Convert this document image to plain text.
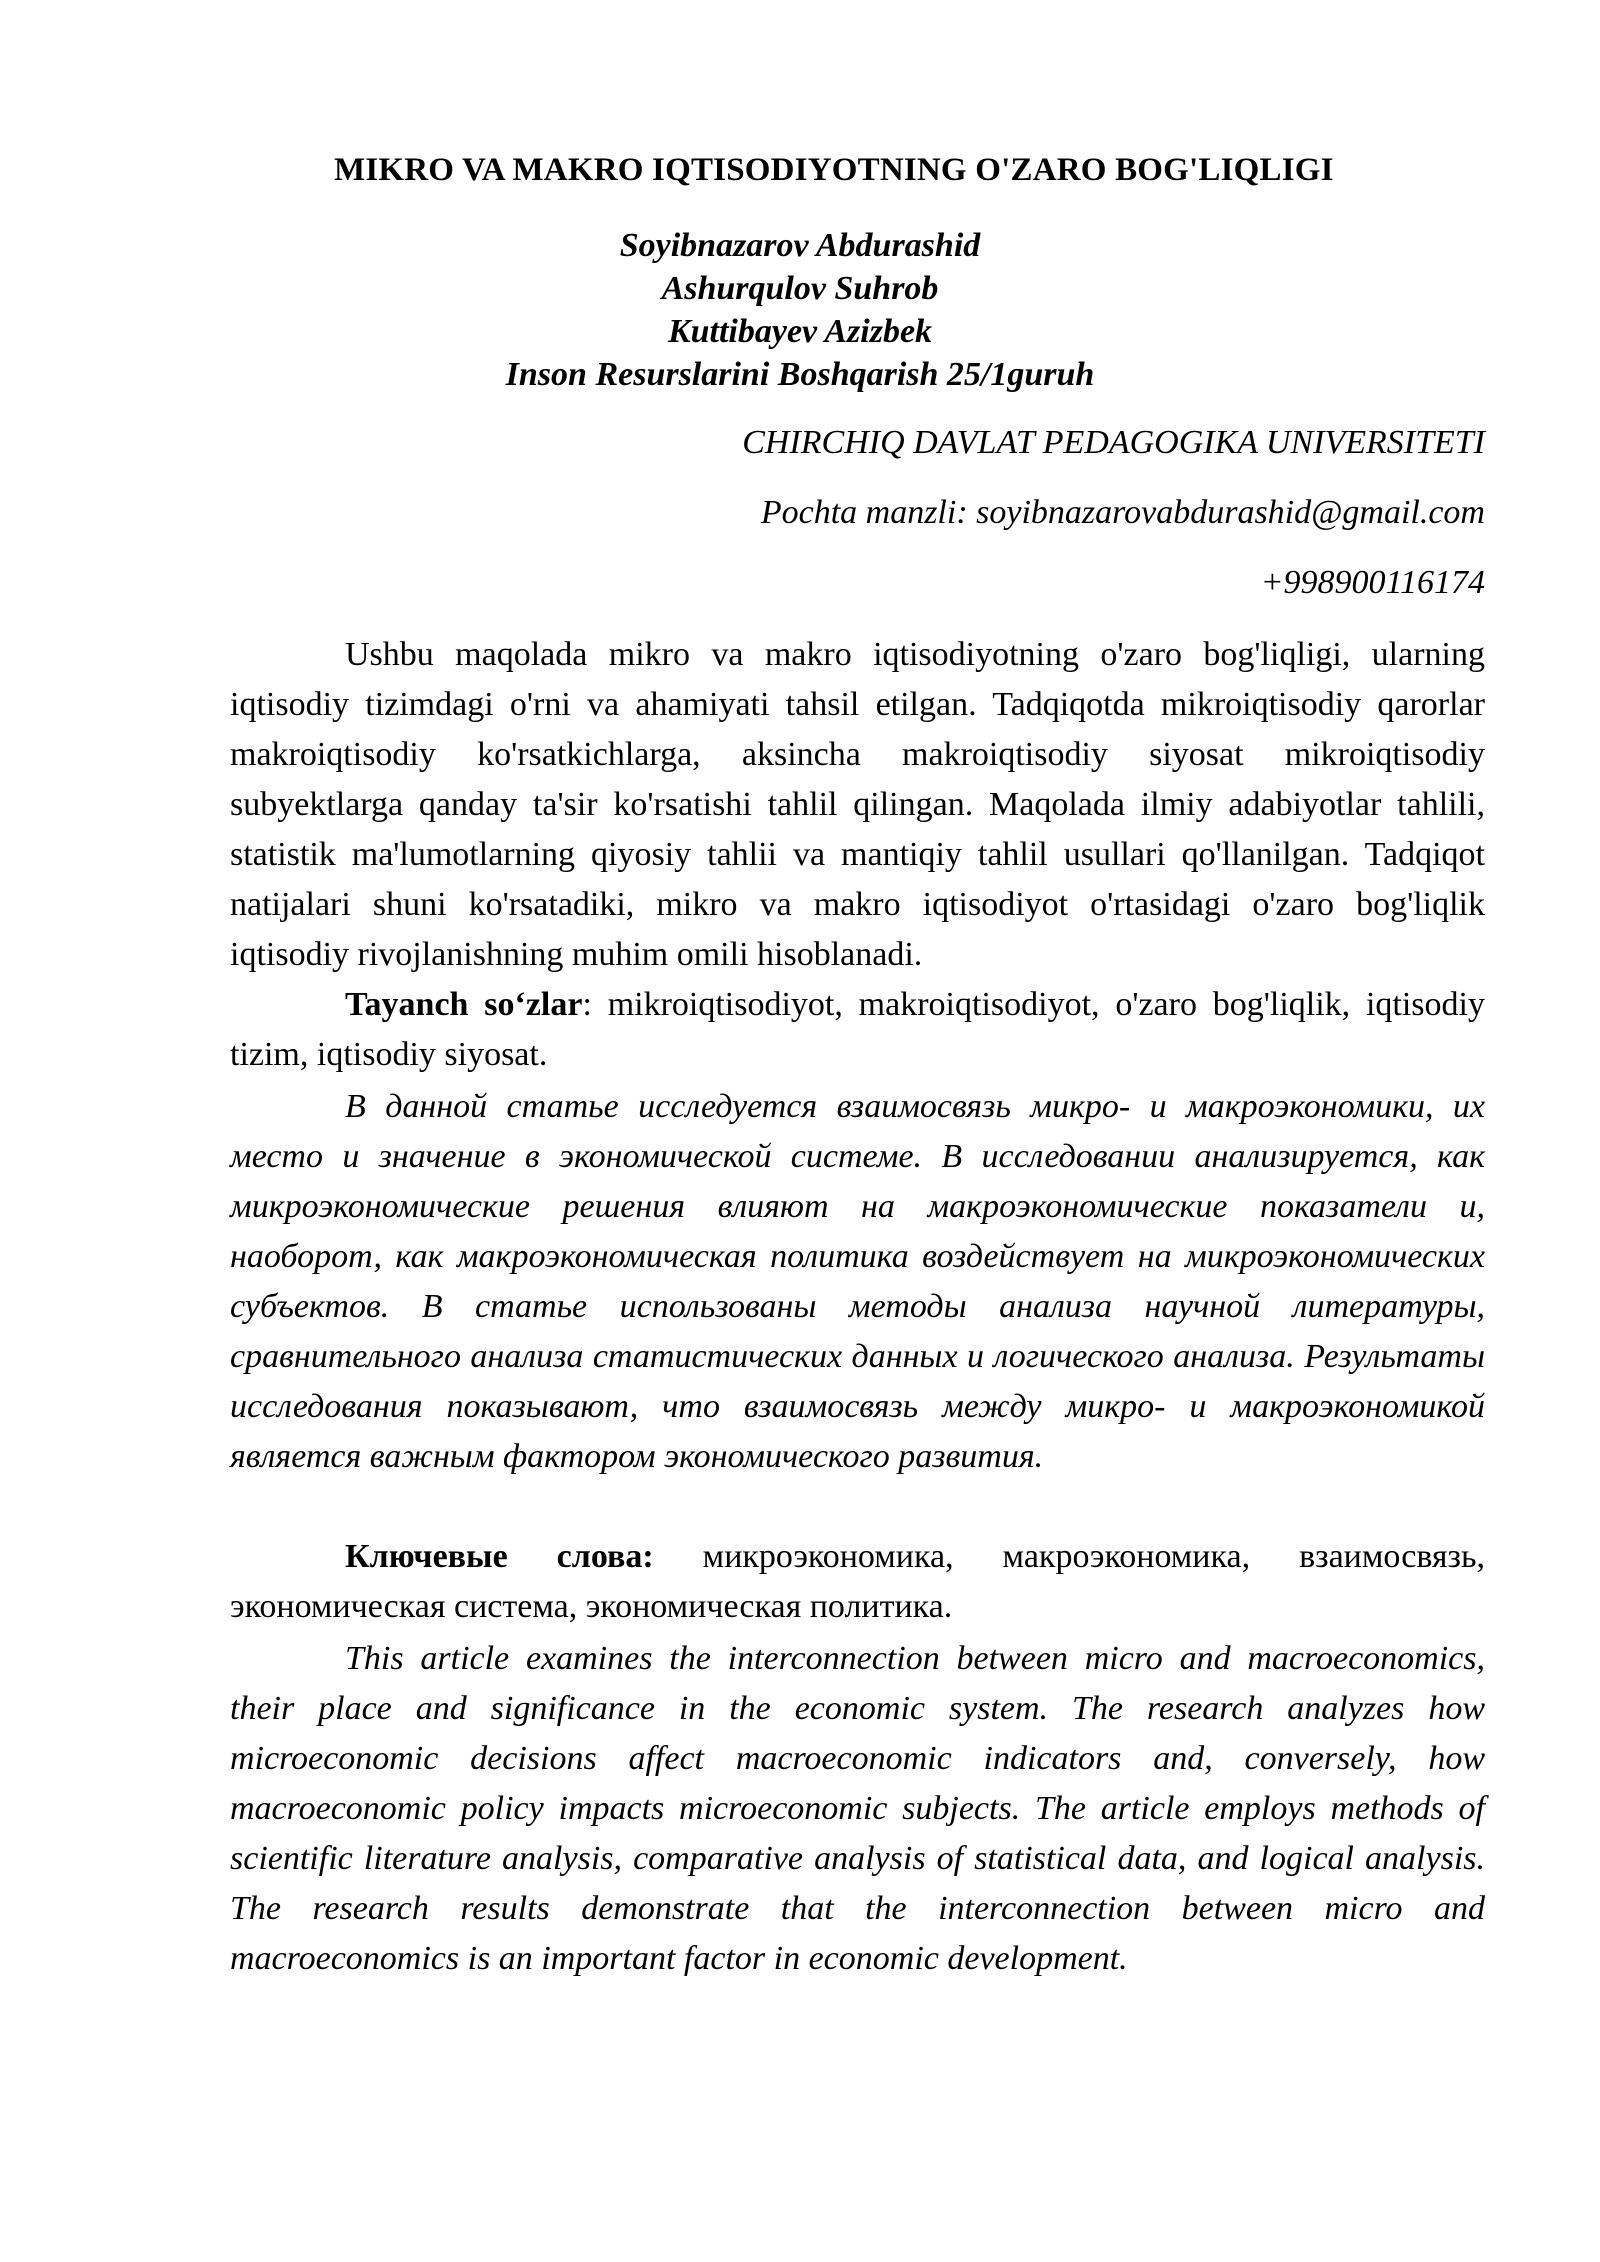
MIKRO VA MAKRO IQTISODIYOTNING O'ZARO BOG'LIQLIGI
Soyibnazarov Abdurashid
Ashurqulov Suhrob
Kuttibayev Azizbek
Inson Resurslarini Boshqarish 25/1guruh
CHIRCHIQ DAVLAT PEDAGOGIKA UNIVERSITETI
Pochta manzli: soyibnazarovabdurashid@gmail.com
+998900116174

Ushbu maqolada mikro va makro iqtisodiyotning o'zaro bog'liqligi, ularning iqtisodiy tizimdagi o'rni va ahamiyati tahsil etilgan. Tadqiqotda mikroiqtisodiy qarorlar makroiqtisodiy ko'rsatkichlarga, aksincha makroiqtisodiy siyosat mikroiqtisodiy subyektlarga qanday ta'sir ko'rsatishi tahlil qilingan. Maqolada ilmiy adabiyotlar tahlili, statistik ma'lumotlarning qiyosiy tahlii va mantiqiy tahlil usullari qo'llanilgan. Tadqiqot natijalari shuni ko'rsatadiki, mikro va makro iqtisodiyot o'rtasidagi o'zaro bog'liqlik iqtisodiy rivojlanishning muhim omili hisoblanadi.

Tayanch so‘zlar: mikroiqtisodiyot, makroiqtisodiyot, o'zaro bog'liqlik, iqtisodiy tizim, iqtisodiy siyosat.

В данной статье исследуется взаимосвязь микро- и макроэкономики, их место и значение в экономической системе. В исследовании анализируется, как микроэкономические решения влияют на макроэкономические показатели и, наоборот, как макроэкономическая политика воздействует на микроэкономических субъектов. В статье использованы методы анализа научной литературы, сравнительного анализа статистических данных и логического анализа. Результаты исследования показывают, что взаимосвязь между микро- и макроэкономикой является важным фактором экономического развития.

Ключевые слова: микроэкономика, макроэкономика, взаимосвязь, экономическая система, экономическая политика.

This article examines the interconnection between micro and macroeconomics, their place and significance in the economic system. The research analyzes how microeconomic decisions affect macroeconomic indicators and, conversely, how macroeconomic policy impacts microeconomic subjects. The article employs methods of scientific literature analysis, comparative analysis of statistical data, and logical analysis. The research results demonstrate that the interconnection between micro and macroeconomics is an important factor in economic development.
